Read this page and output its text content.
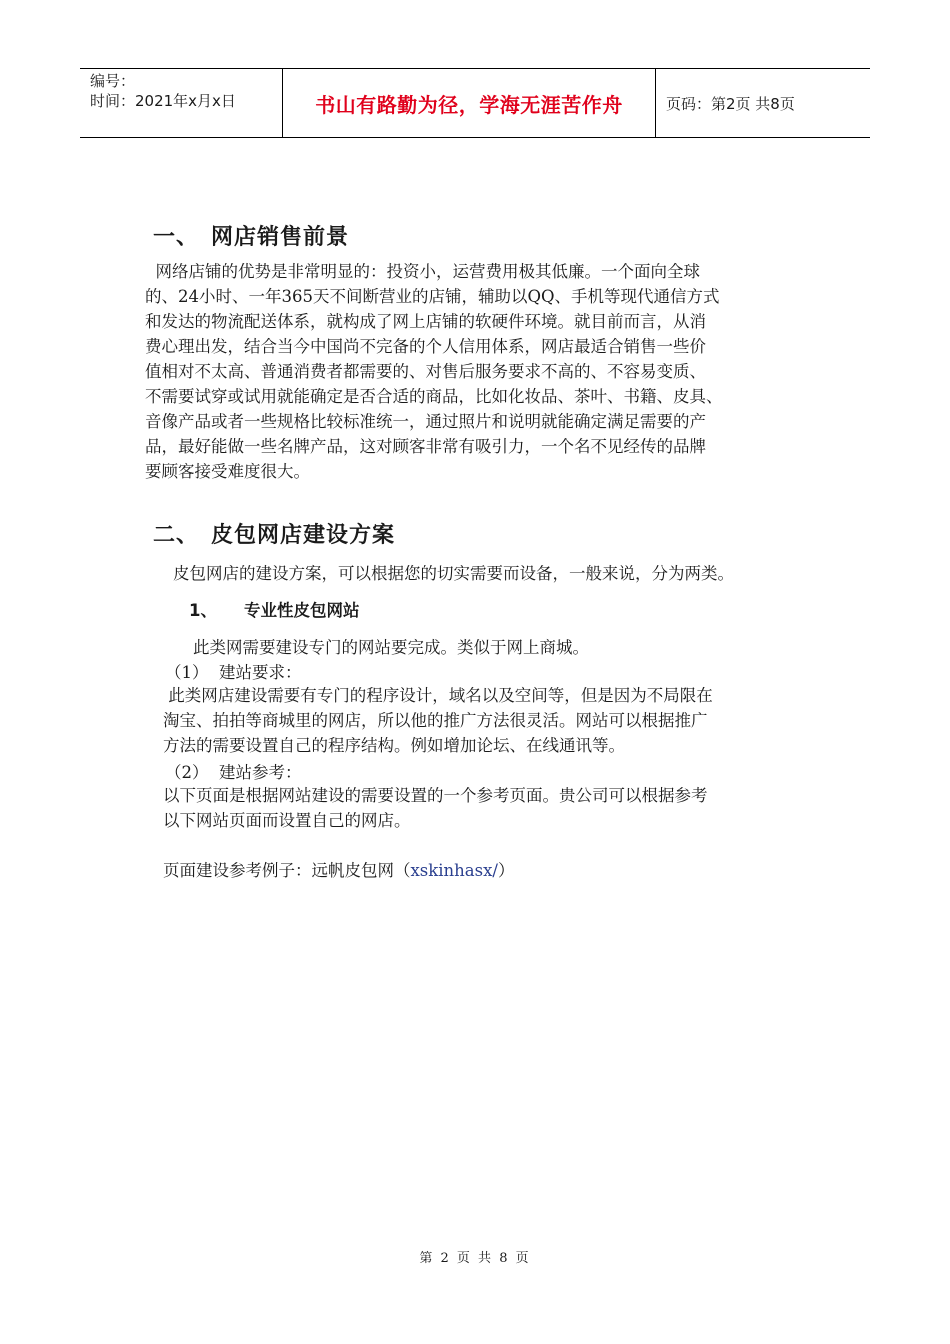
编号：
时间：2021年x月x日	书山有路勤为径，学海无涯苦作舟	页码：第2页 共8页
一、 网店销售前景
网络店铺的优势是非常明显的：投资小，运营费用极其低廉。一个面向全球
的、24小时、一年365天不间断营业的店铺，辅助以QQ、手机等现代通信方式
和发达的物流配送体系，就构成了网上店铺的软硬件环境。就目前而言，从消
费心理出发，结合当今中国尚不完备的个人信用体系，网店最适合销售一些价
值相对不太高、普通消费者都需要的、对售后服务要求不高的、不容易变质、
不需要试穿或试用就能确定是否合适的商品，比如化妆品、茶叶、书籍、皮具、
音像产品或者一些规格比较标准统一，通过照片和说明就能确定满足需要的产
品，最好能做一些名牌产品，这对顾客非常有吸引力，一个名不见经传的品牌
要顾客接受难度很大。
二、 皮包网店建设方案
皮包网店的建设方案，可以根据您的切实需要而设备，一般来说，分为两类。
1、 专业性皮包网站
此类网需要建设专门的网站要完成。类似于网上商城。
（1）  建站要求：
此类网店建设需要有专门的程序设计，域名以及空间等，但是因为不局限在
淘宝、拍拍等商城里的网店，所以他的推广方法很灵活。网站可以根据推广
方法的需要设置自己的程序结构。例如增加论坛、在线通讯等。
（2）  建站参考：
以下页面是根据网站建设的需要设置的一个参考页面。贵公司可以根据参考
以下网站页面而设置自己的网店。
页面建设参考例子：远帆皮包网（xskinhasx/）
第 2 页 共 8 页
